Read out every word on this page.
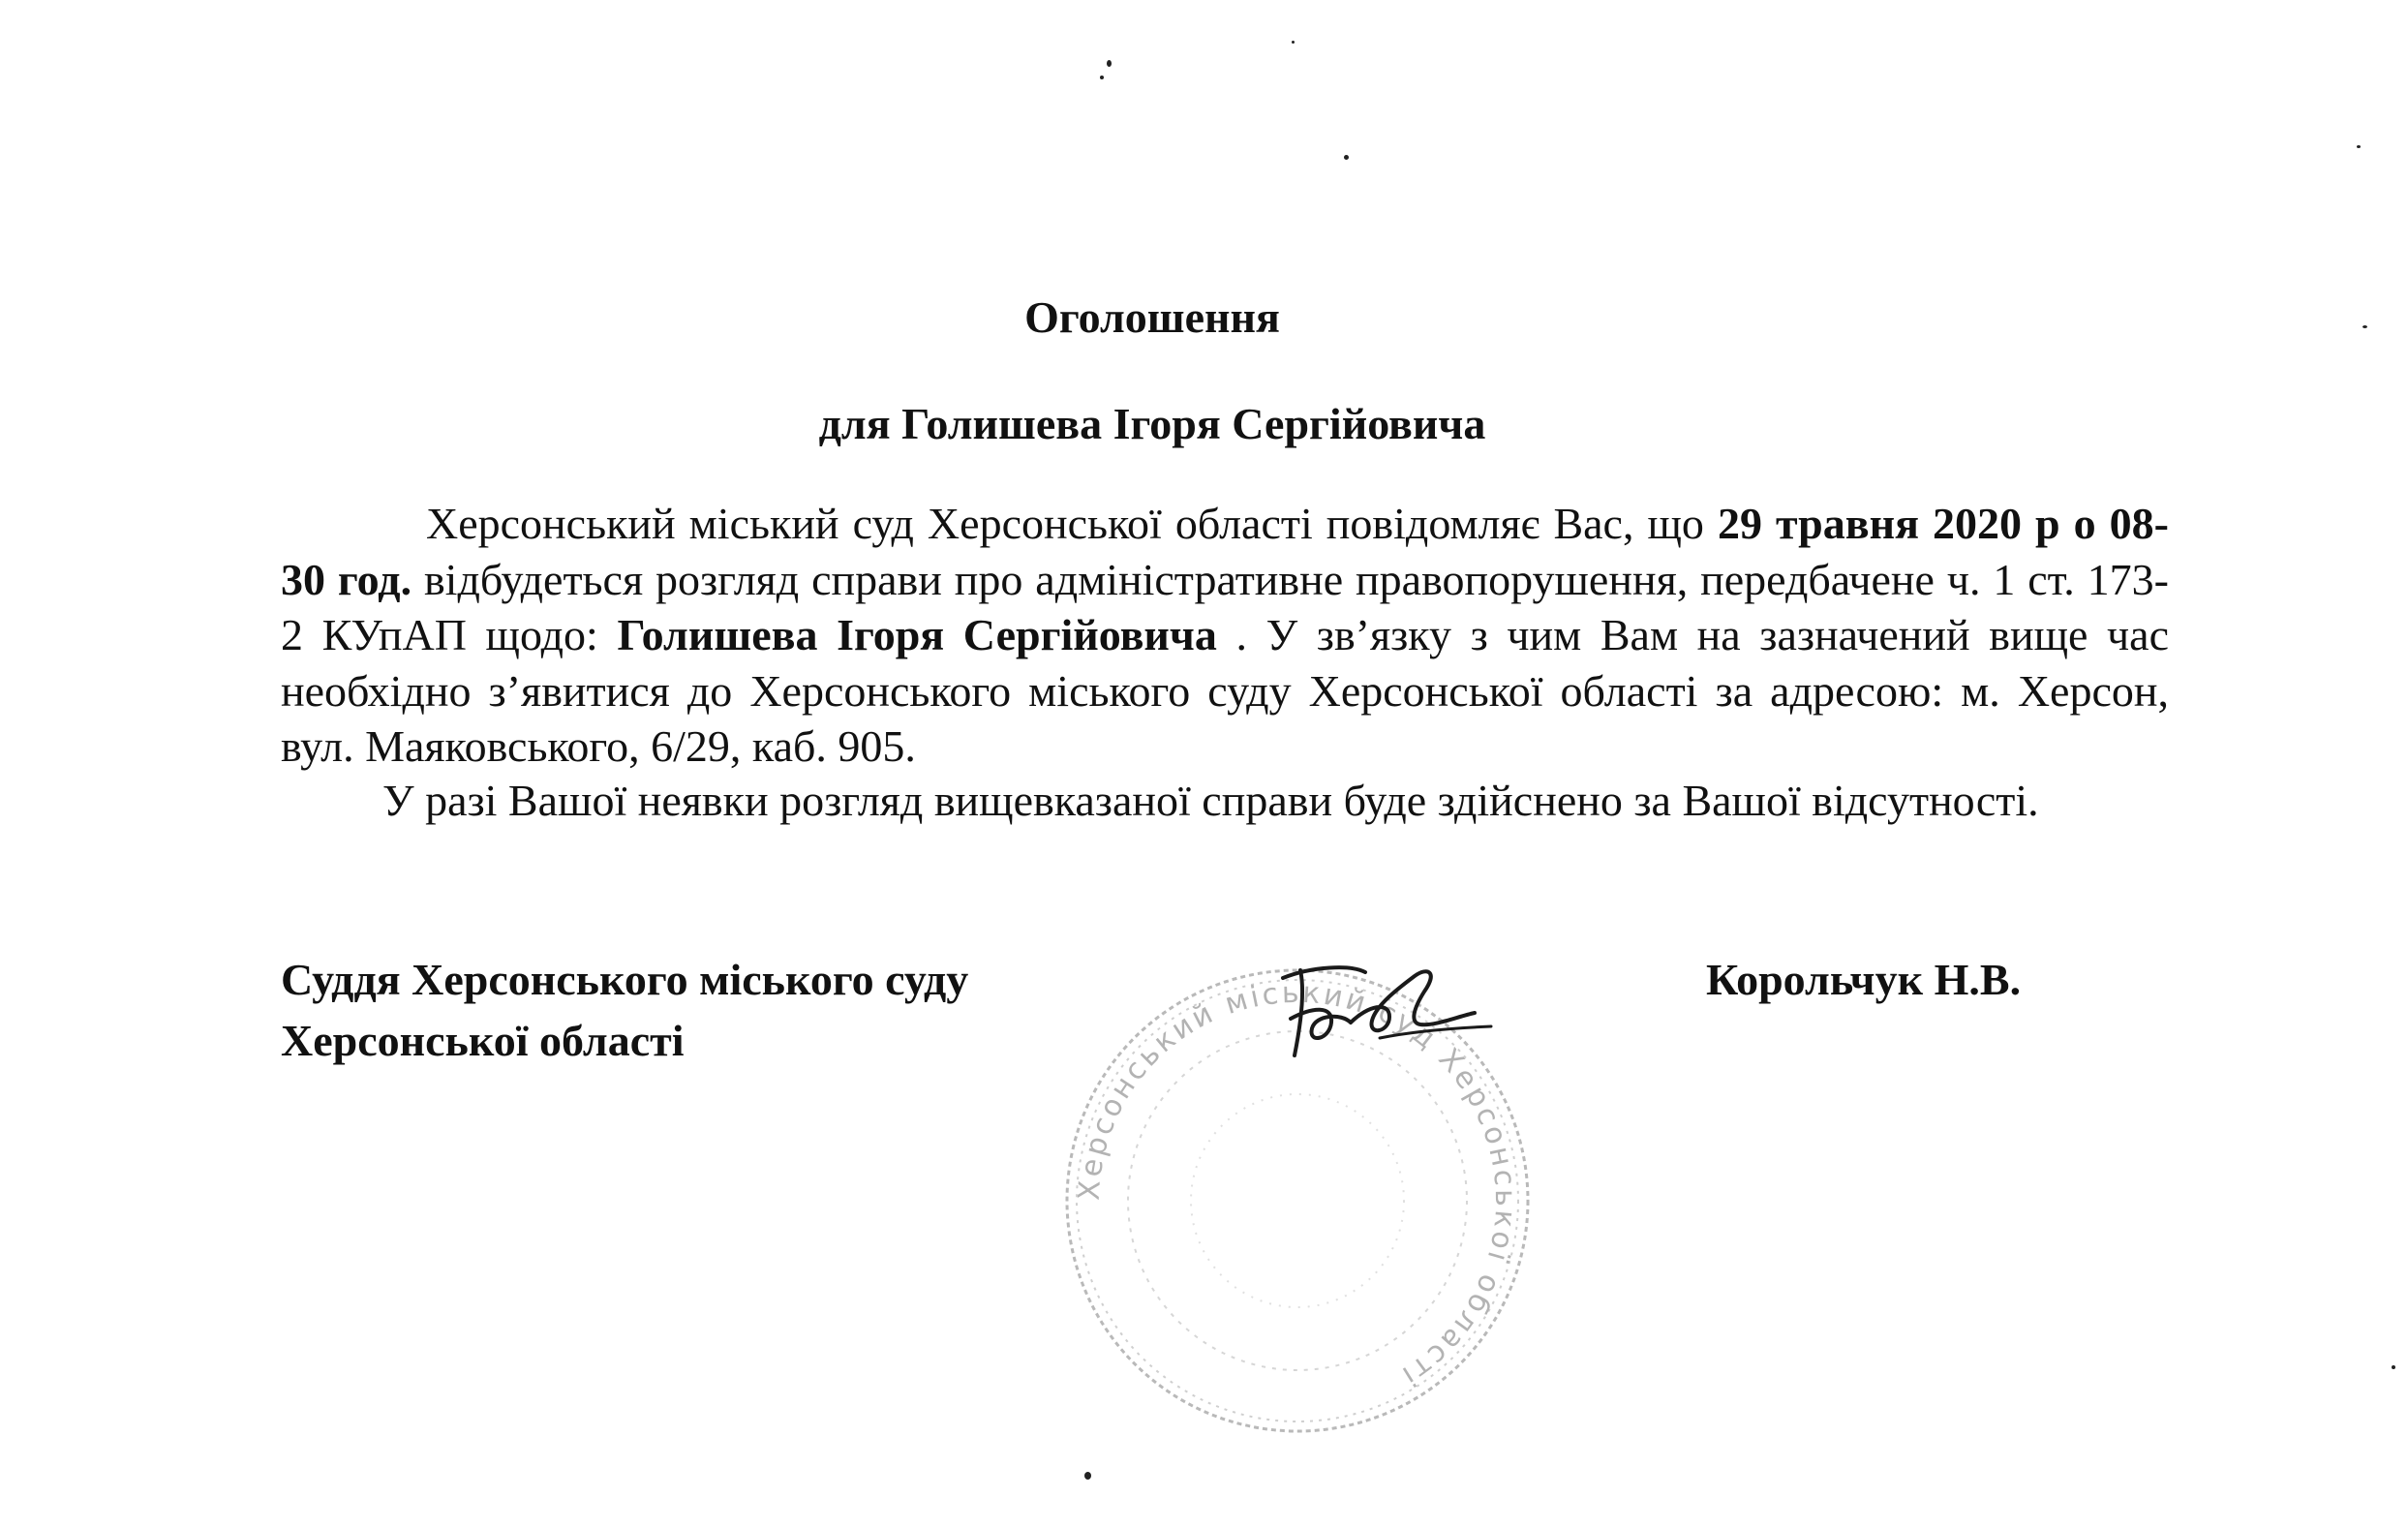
Оголошення
для Голишева Ігоря Сергійовича
Херсонський міський суд Херсонської області повідомляє Вас, що 29 травня 2020 р о 08-30 год. відбудеться розгляд справи про адміністративне правопорушення, передбачене ч. 1 ст. 173-2 КУпАП щодо: Голишева Ігоря Сергійовича . У зв’язку з чим Вам на зазначений вище час необхідно з’явитися до Херсонського міського суду Херсонської області за адресою: м. Херсон, вул. Маяковського, 6/29, каб. 905.
У разі Вашої неявки розгляд вищевказаної справи буде здійснено за Вашої відсутності.
Суддя Херсонського міського суду
Херсонської області
Корольчук Н.В.
Херсонський міський суд Херсонської області
